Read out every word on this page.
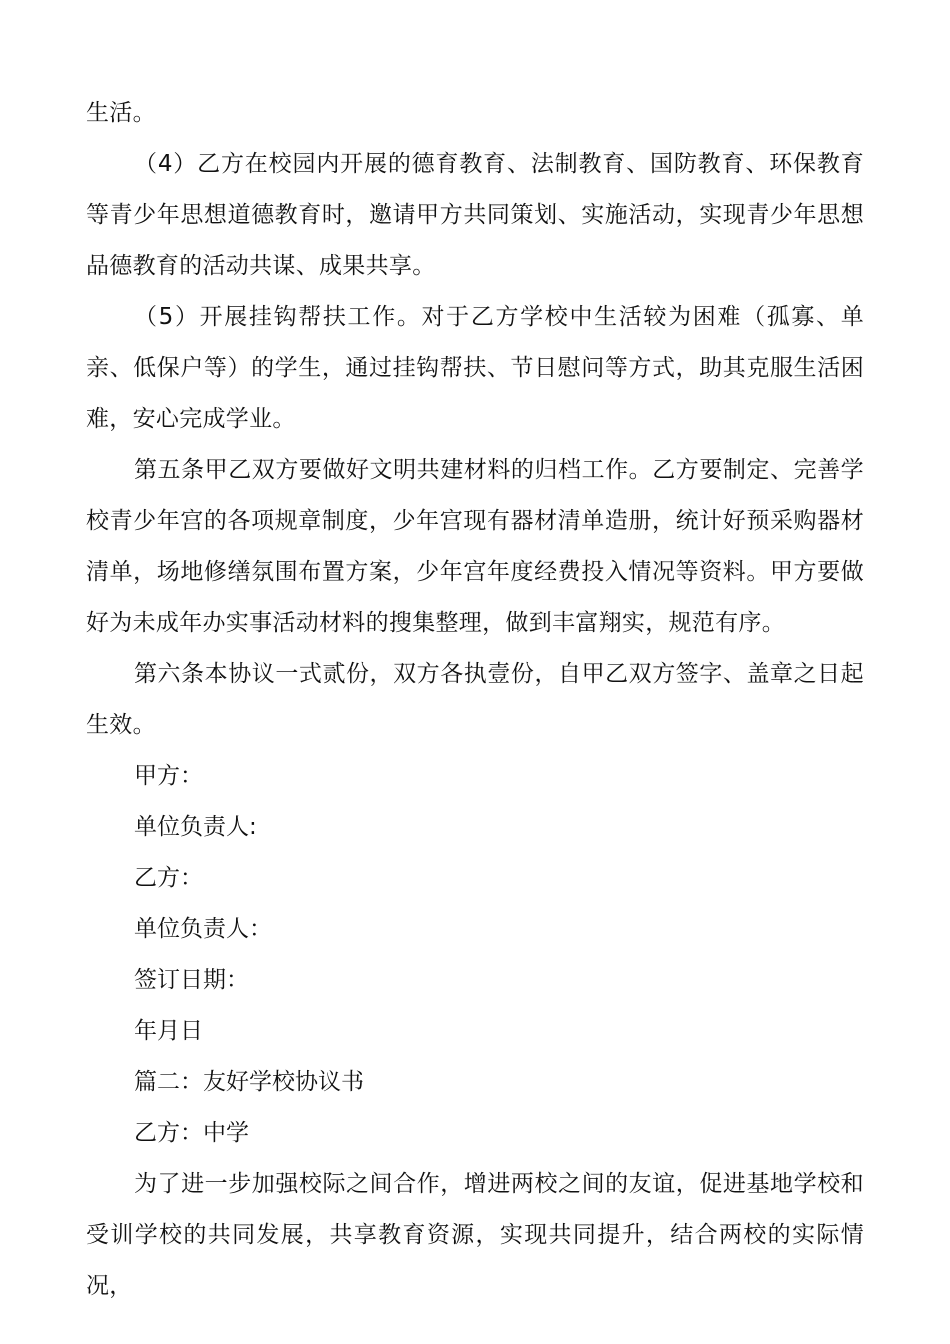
生活。

（4）乙方在校园内开展的德育教育、法制教育、国防教育、环保教育等青少年思想道德教育时，邀请甲方共同策划、实施活动，实现青少年思想品德教育的活动共谋、成果共享。

（5）开展挂钩帮扶工作。对于乙方学校中生活较为困难（孤寡、单亲、低保户等）的学生，通过挂钩帮扶、节日慰问等方式，助其克服生活困难，安心完成学业。

第五条甲乙双方要做好文明共建材料的归档工作。乙方要制定、完善学校青少年宫的各项规章制度，少年宫现有器材清单造册，统计好预采购器材清单，场地修缮氛围布置方案，少年宫年度经费投入情况等资料。甲方要做好为未成年办实事活动材料的搜集整理，做到丰富翔实，规范有序。

第六条本协议一式贰份，双方各执壹份，自甲乙双方签字、盖章之日起生效。

甲方：

单位负责人:

乙方：

单位负责人：

签订日期：

年月日

篇二：友好学校协议书

乙方：中学

为了进一步加强校际之间合作，增进两校之间的友谊，促进基地学校和受训学校的共同发展，共享教育资源，实现共同提升，结合两校的实际情况，
